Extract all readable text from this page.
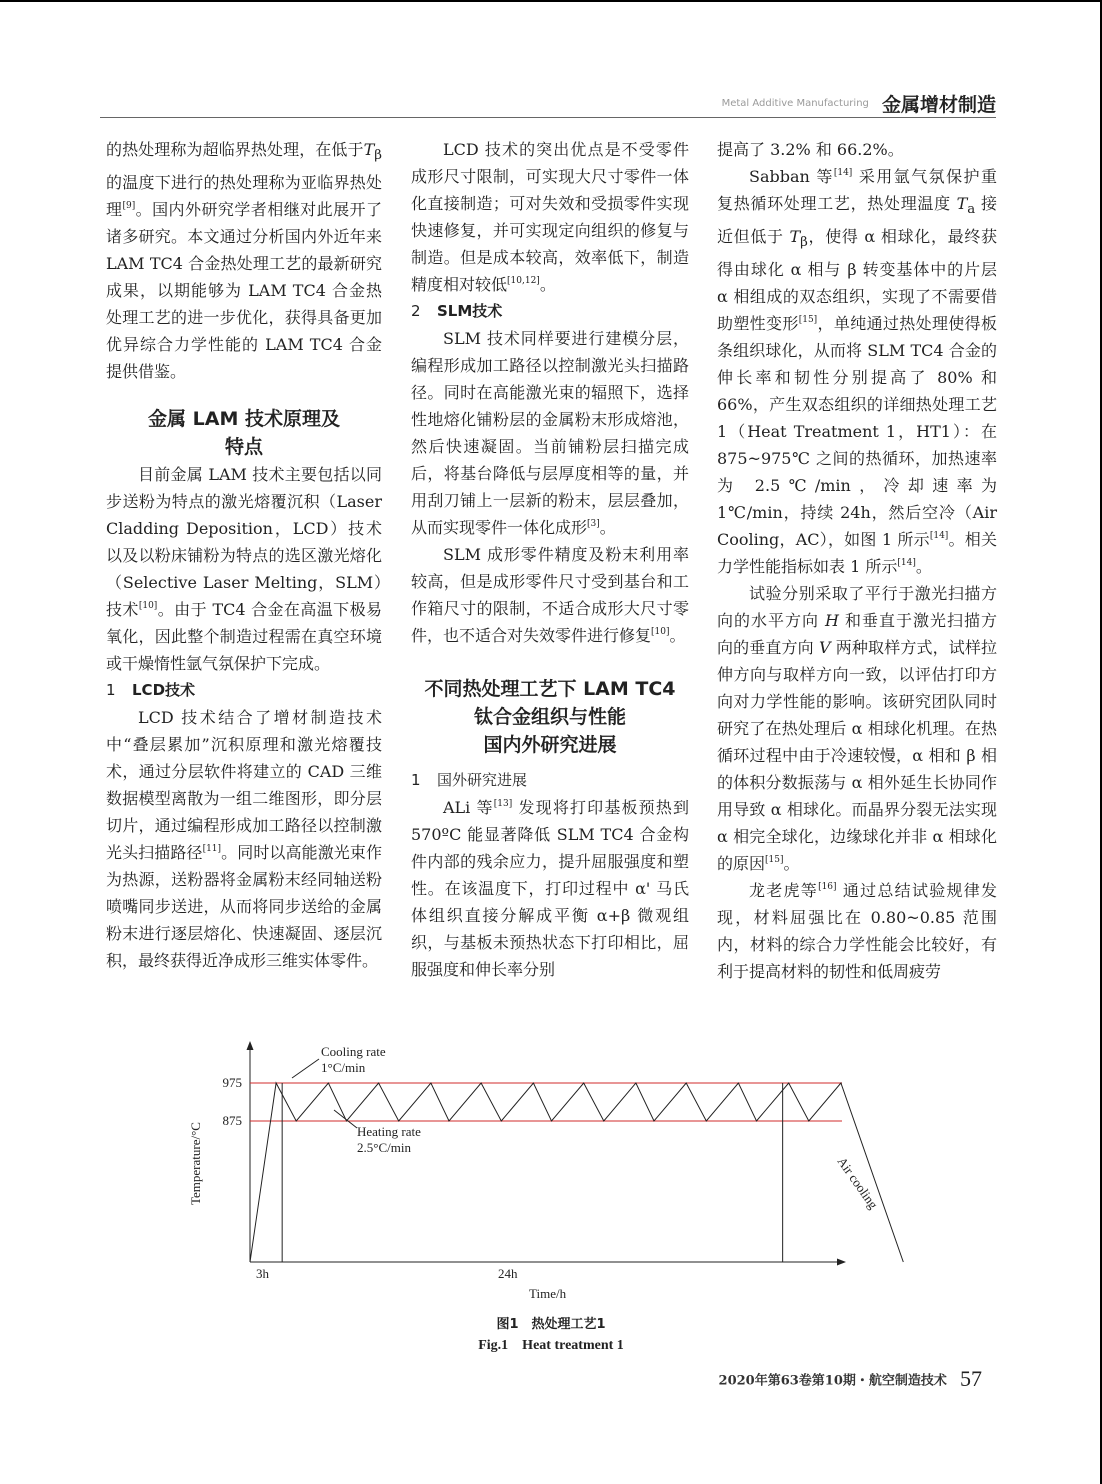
Metal Additive Manufacturing 金属增材制造

的热处理称为超临界热处理，在低于$T_\beta$ 的温度下进行的热处理称为亚临界热处理[9]。国内外研究学者相继对此展开了诸多研究。本文通过分析国内外近年来 LAM TC4 合金热处理工艺的最新研究成果，以期能够为 LAM TC4 合金热处理工艺的进一步优化，获得具备更加优异综合力学性能的 LAM TC4 合金提供借鉴。

金属 LAM 技术原理及
特点

目前金属 LAM 技术主要包括以同步送粉为特点的激光熔覆沉积（Laser Cladding Deposition，LCD）技术以及以粉床铺粉为特点的选区激光熔化（Selective Laser Melting，SLM）技术[10]。由于 TC4 合金在高温下极易氧化，因此整个制造过程需在真空环境或干燥惰性氩气氛保护下完成。

1 LCD技术

LCD 技术结合了增材制造技术中“叠层累加”沉积原理和激光熔覆技术，通过分层软件将建立的 CAD 三维数据模型离散为一组二维图形，即分层切片，通过编程形成加工路径以控制激光头扫描路径[11]。同时以高能激光束作为热源，送粉器将金属粉末经同轴送粉喷嘴同步送进，从而将同步送给的金属粉末进行逐层熔化、快速凝固、逐层沉积，最终获得近净成形三维实体零件。

LCD 技术的突出优点是不受零件成形尺寸限制，可实现大尺寸零件一体化直接制造；可对失效和受损零件实现快速修复，并可实现定向组织的修复与制造。但是成本较高，效率低下，制造精度相对较低[10,12]。

2 SLM技术

SLM 技术同样要进行建模分层，编程形成加工路径以控制激光头扫描路径。同时在高能激光束的辐照下，选择性地熔化铺粉层的金属粉末形成熔池，然后快速凝固。当前铺粉层扫描完成后，将基台降低与层厚度相等的量，并用刮刀铺上一层新的粉末，层层叠加，从而实现零件一体化成形[3]。

SLM 成形零件精度及粉末利用率较高，但是成形零件尺寸受到基台和工作箱尺寸的限制，不适合成形大尺寸零件，也不适合对失效零件进行修复[10]。

不同热处理工艺下 LAM TC4
钛合金组织与性能
国内外研究进展
1 国外研究进展

ALi 等[13] 发现将打印基板预热到 570ºC 能显著降低 SLM TC4 合金构件内部的残余应力，提升屈服强度和塑性。在该温度下，打印过程中 α' 马氏体组织直接分解成平衡 α+β 微观组织，与基板未预热状态下打印相比，屈服强度和伸长率分别

提高了 3.2% 和 66.2%。

Sabban 等[14] 采用氩气氛保护重复热循环处理工艺，热处理温度 $T_a$ 接近但低于 $T_\beta$，使得 α 相球化，最终获得由球化 α 相与 β 转变基体中的片层 α 相组成的双态组织，实现了不需要借助塑性变形[15]，单纯通过热处理使得板条组织球化，从而将 SLM TC4 合金的伸长率和韧性分别提高了 80% 和 66%，产生双态组织的详细热处理工艺 1（Heat Treatment 1，HT1）：在 875~975℃ 之间的热循环，加热速率为 2.5℃/min，冷却速率为 1℃/min，持续 24h，然后空冷（Air Cooling，AC），如图 1 所示[14]。相关力学性能指标如表 1 所示[14]。

试验分别采取了平行于激光扫描方向的水平方向 H 和垂直于激光扫描方向的垂直方向 V 两种取样方式，试样拉伸方向与取样方向一致，以评估打印方向对力学性能的影响。该研究团队同时研究了在热处理后 α 相球化机理。在热循环过程中由于冷速较慢，α 相和 β 相的体积分数振荡与 α 相外延生长协同作用导致 α 相球化。而晶界分裂无法实现 α 相完全球化，边缘球化并非 α 相球化的原因[15]。

龙老虎等[16] 通过总结试验规律发现，材料屈强比在 0.80~0.85 范围内，材料的综合力学性能会比较好，有利于提高材料的韧性和低周疲劳

975
875
3h	24h
Time/h
Temperature/°C
Cooling rate
1°C/min
Heating rate
2.5°C/min
Air cooling
图1　热处理工艺1
Fig.1　Heat treatment 1
2020年第63卷第10期・航空制造技术 57
